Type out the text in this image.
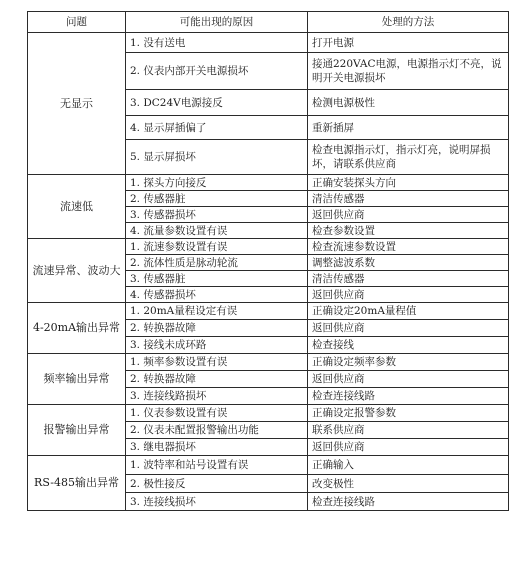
问题	可能出现的原因	处理的方法
无显示	1. 没有送电	打开电源
	2. 仪表内部开关电源损坏	接通220VAC电源，电源指示灯不亮，说明开关电源损坏
	3. DC24V电源接反	检测电源极性
	4. 显示屏插偏了	重新插屏
	5. 显示屏损坏	检查电源指示灯，指示灯亮，说明屏损坏，请联系供应商
流速低	1. 探头方向接反	正确安装探头方向
	2. 传感器脏	清洁传感器
	3. 传感器损坏	返回供应商
	4. 流量参数设置有误	检查参数设置
流速异常、波动大	1. 流速参数设置有误	检查流速参数设置
	2. 流体性质是脉动轮流	调整滤波系数
	3. 传感器脏	清洁传感器
	4. 传感器损坏	返回供应商
4-20mA输出异常	1. 20mA量程设定有误	正确设定20mA量程值
	2. 转换器故障	返回供应商
	3. 接线未成环路	检查接线
频率输出异常	1. 频率参数设置有误	正确设定频率参数
	2. 转换器故障	返回供应商
	3. 连接线路损坏	检查连接线路
报警输出异常	1. 仪表参数设置有误	正确设定报警参数
	2. 仪表未配置报警输出功能	联系供应商
	3. 继电器损坏	返回供应商
RS-485输出异常	1. 波特率和站号设置有误	正确输入
	2. 极性接反	改变极性
	3. 连接线损坏	检查连接线路
